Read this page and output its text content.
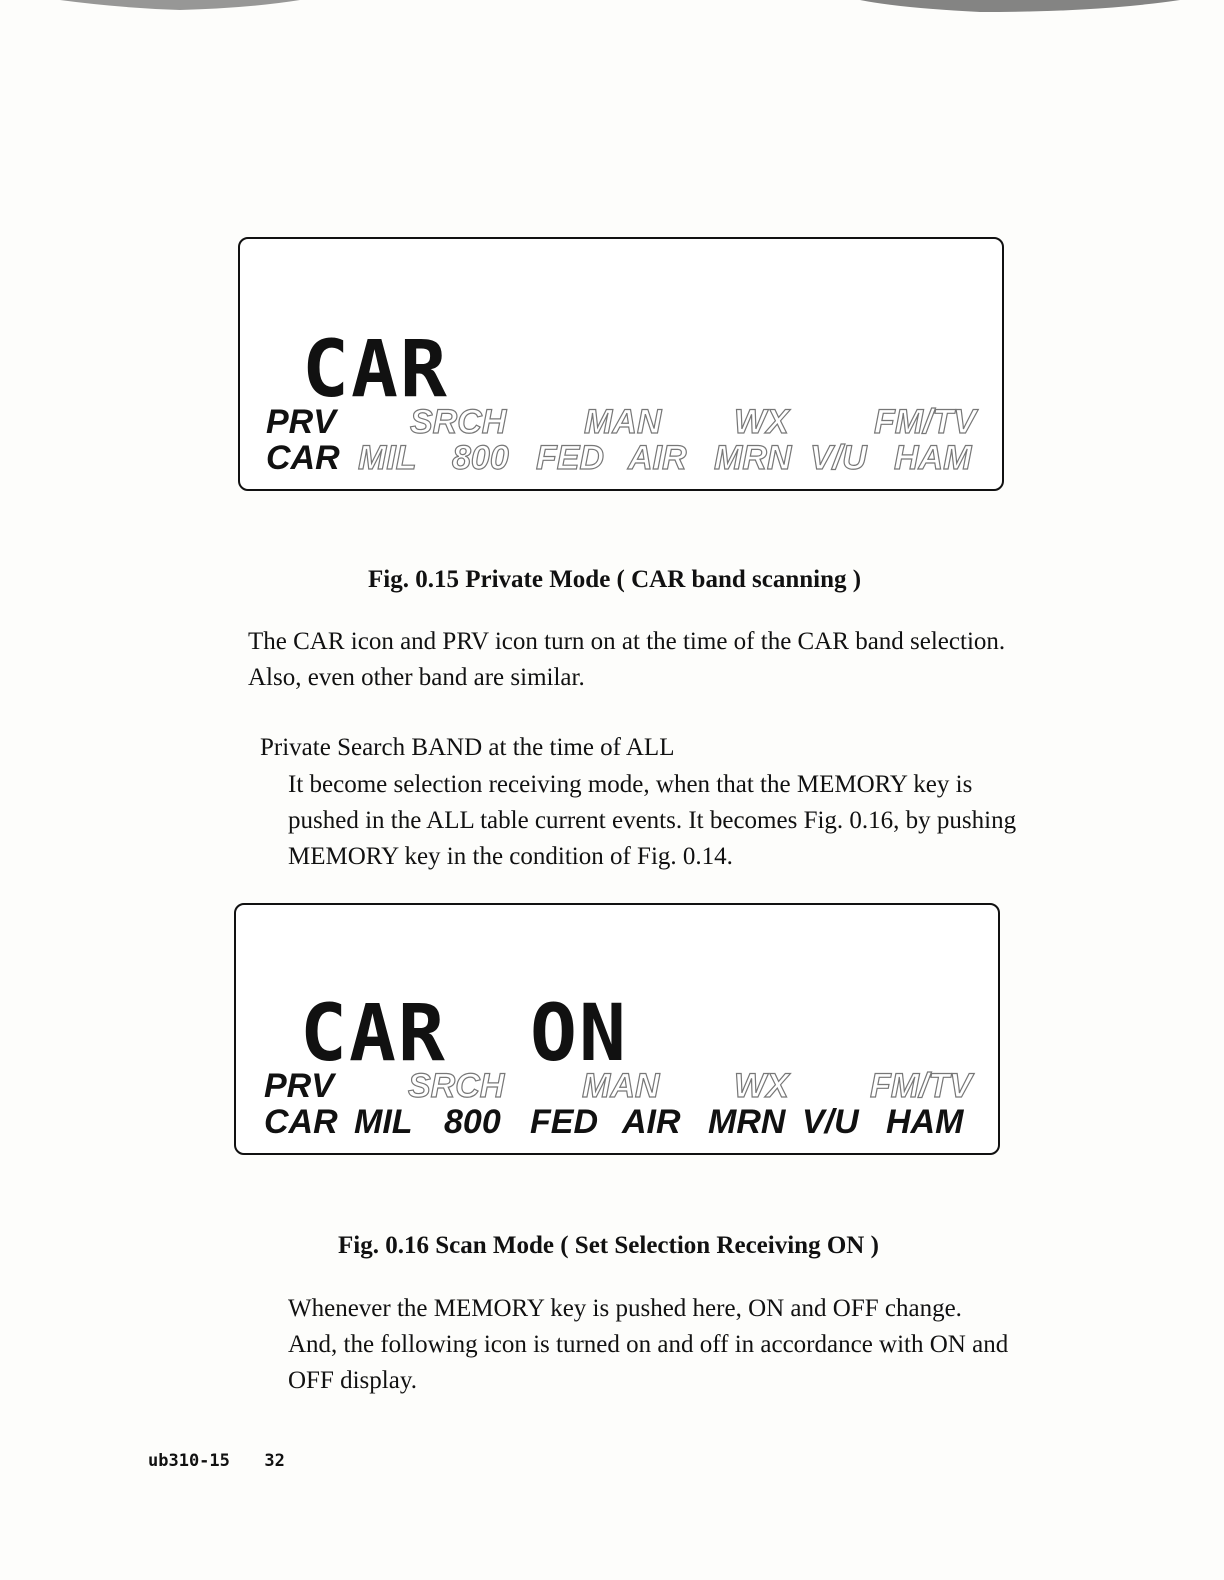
CAR
PRV SRCH MAN WX	FM/TV
CAR MIL 800 FED AIR MRN V/U HAM
Fig. 0.15 Private Mode ( CAR band scanning )
The CAR icon and PRV icon turn on at the time of the CAR band selection.
Also, even other band are similar.
Private Search BAND at the time of ALL
It become selection receiving mode, when that the MEMORY key is
pushed in the ALL table current events. It becomes Fig. 0.16, by pushing
MEMORY key in the condition of Fig. 0.14.
CAR ON
PRV SRCH MAN WX FM/TV
CAR MIL 800 FED AIR MRN V/U HAM
Fig. 0.16 Scan Mode ( Set Selection Receiving ON )
Whenever the MEMORY key is pushed here, ON and OFF change.
And, the following icon is turned on and off in accordance with ON and
OFF display.
ub310-15 32
